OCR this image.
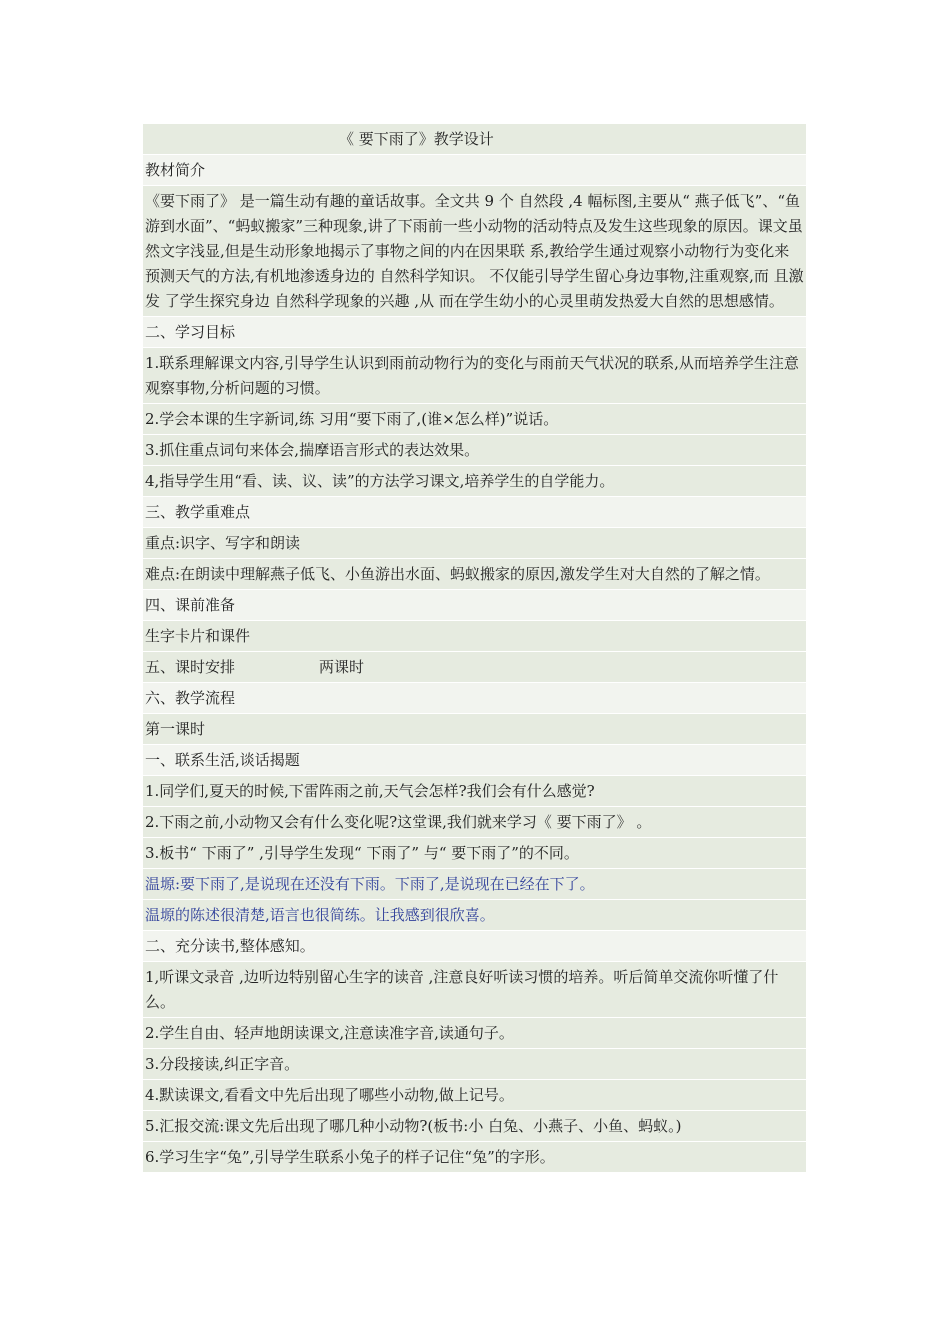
《 要下雨了》教学设计
教材简介
《要下雨了》 是一篇生动有趣的童话故事。全文共 9 个 自然段 ,4 幅标图,主要从“ 燕子低飞”、“鱼游到水面”、“蚂蚁搬家”三种现象,讲了下雨前一些小动物的活动特点及发生这些现象的原因。课文虽然文字浅显,但是生动形象地揭示了事物之间的内在因果联 系,教给学生通过观察小动物行为变化来预测天气的方法,有机地渗透身边的 自然科学知识。 不仅能引导学生留心身边事物,注重观察,而 且激发 了学生探究身边 自然科学现象的兴趣 ,从 而在学生幼小的心灵里萌发热爱大自然的思想感情。
二、学习目标
1.联系理解课文内容,引导学生认识到雨前动物行为的变化与雨前天气状况的联系,从而培养学生注意观察事物,分析问题的习惯。
2.学会本课的生字新词,练 习用“要下雨了,(谁×怎么样)”说话。
3.抓住重点词句来体会,揣摩语言形式的表达效果。
4,指导学生用“看、读、议、读”的方法学习课文,培养学生的自学能力。
三、教学重难点
重点:识字、写字和朗读
难点:在朗读中理解燕子低飞、小鱼游出水面、蚂蚁搬家的原因,激发学生对大自然的了解之情。
四、课前准备
生字卡片和课件
五、课时安排	两课时
六、教学流程
第一课时
一、联系生活,谈话揭题
1.同学们,夏天的时候,下雷阵雨之前,天气会怎样?我们会有什么感觉?
2.下雨之前,小动物又会有什么变化呢?这堂课,我们就来学习《 要下雨了》 。
3.板书“ 下雨了” ,引导学生发现“ 下雨了” 与“ 要下雨了”的不同。
温塬:要下雨了,是说现在还没有下雨。下雨了,是说现在已经在下了。
温塬的陈述很清楚,语言也很简练。让我感到很欣喜。
二、充分读书,整体感知。
1,听课文录音 ,边听边特别留心生字的读音 ,注意良好听读习惯的培养。听后简单交流你听懂了什么。
2.学生自由、轻声地朗读课文,注意读准字音,读通句子。
3.分段接读,纠正字音。
4.默读课文,看看文中先后出现了哪些小动物,做上记号。
5.汇报交流:课文先后出现了哪几种小动物?(板书:小 白兔、小燕子、小鱼、蚂蚁。)
6.学习生字“兔”,引导学生联系小兔子的样子记住“兔”的字形。
